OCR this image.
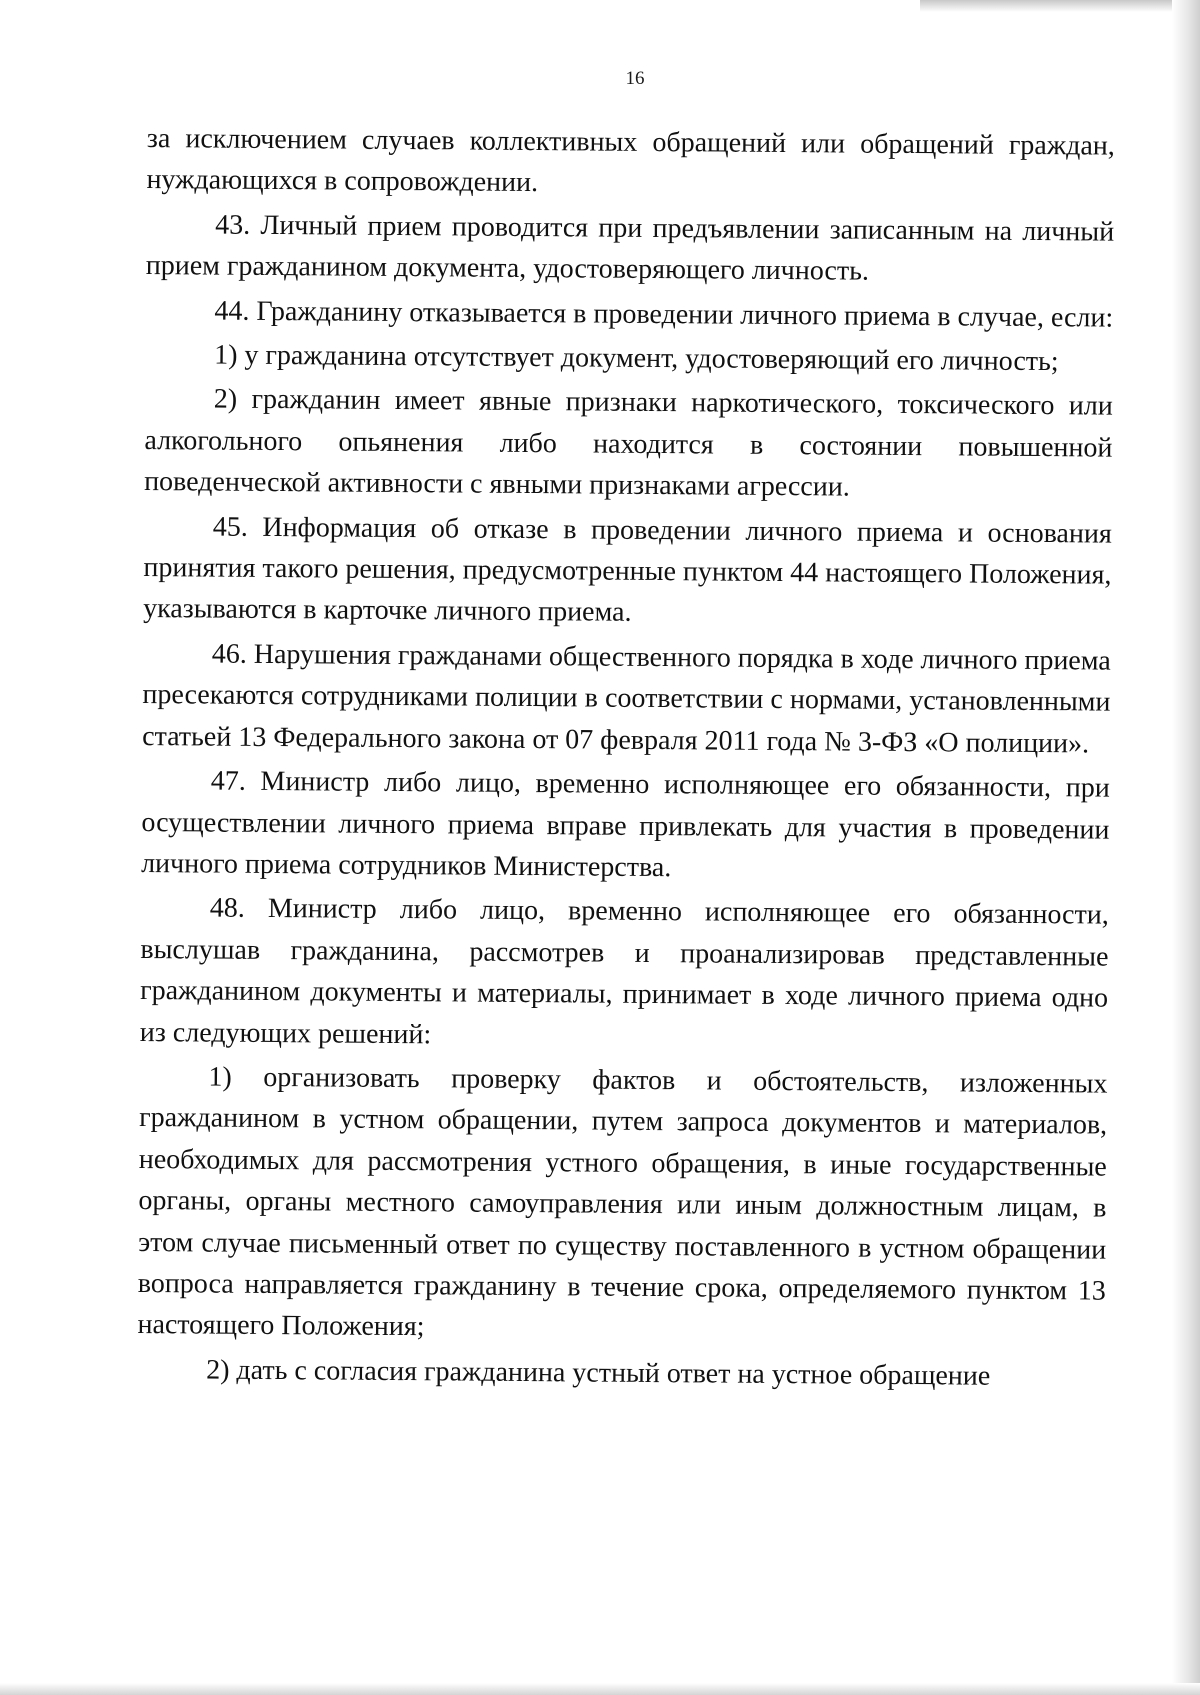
16

за исключением случаев коллективных обращений или обращений граждан, нуждающихся в сопровождении.

43. Личный прием проводится при предъявлении записанным на личный прием гражданином документа, удостоверяющего личность.

44. Гражданину отказывается в проведении личного приема в случае, если:

1) у гражданина отсутствует документ, удостоверяющий его личность;

2) гражданин имеет явные признаки наркотического, токсического или алкогольного опьянения либо находится в состоянии повышенной поведенческой активности с явными признаками агрессии.

45. Информация об отказе в проведении личного приема и основания принятия такого решения, предусмотренные пунктом 44 настоящего Положения, указываются в карточке личного приема.

46. Нарушения гражданами общественного порядка в ходе личного приема пресекаются сотрудниками полиции в соответствии с нормами, установленными статьей 13 Федерального закона от 07 февраля 2011 года № 3-ФЗ «О полиции».

47. Министр либо лицо, временно исполняющее его обязанности, при осуществлении личного приема вправе привлекать для участия в проведении личного приема сотрудников Министерства.

48. Министр либо лицо, временно исполняющее его обязанности, выслушав гражданина, рассмотрев и проанализировав представленные гражданином документы и материалы, принимает в ходе личного приема одно из следующих решений:

1) организовать проверку фактов и обстоятельств, изложенных гражданином в устном обращении, путем запроса документов и материалов, необходимых для рассмотрения устного обращения, в иные государственные органы, органы местного самоуправления или иным должностным лицам, в этом случае письменный ответ по существу поставленного в устном обращении вопроса направляется гражданину в течение срока, определяемого пунктом 13 настоящего Положения;

2) дать с согласия гражданина устный ответ на устное обращение
